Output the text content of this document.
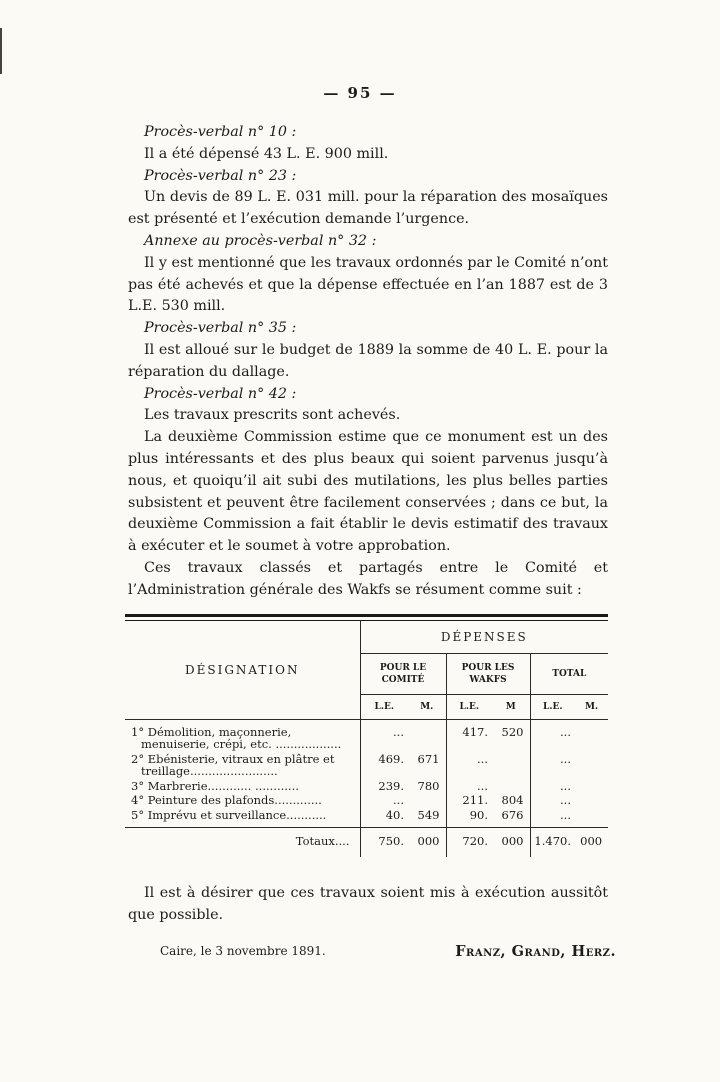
— 95 —

Procès-verbal n° 10 :

Il a été dépensé 43 L. E. 900 mill.

Procès-verbal n° 23 :

Un devis de 89 L. E. 031 mill. pour la réparation des mosaïques est présenté et l’exécution demande l’urgence.

Annexe au procès-verbal n° 32 :

Il y est mentionné que les travaux ordonnés par le Comité n’ont pas été achevés et que la dépense effectuée en l’an 1887 est de 3 L.E. 530 mill.

Procès-verbal n° 35 :

Il est alloué sur le budget de 1889 la somme de 40 L. E. pour la réparation du dallage.

Procès-verbal n° 42 :

Les travaux prescrits sont achevés.

La deuxième Commission estime que ce monument est un des plus intéressants et des plus beaux qui soient parvenus jusqu’à nous, et quoiqu’il ait subi des mutilations, les plus belles parties subsistent et peuvent être facilement conservées ; dans ce but, la deuxième Commission a fait établir le devis estimatif des travaux à exécuter et le soumet à votre approbation.

Ces travaux classés et partagés entre le Comité et l’Administration générale des Wakfs se résument comme suit :

DÉSIGNATION	DÉPENSES					
	POUR LE COMITÉ		POUR LES WAKFS		TOTAL	
	L.E.	M.	L.E.	M	L.E.	M.
1° Démolition, maçonnerie, menuiserie, crépi, etc. ..................	...		417.	520	...	
2° Ebénisterie, vitraux en plâtre et treillage........................	469.	671	...		...	
3° Marbrerie............ ............	239.	780	...		...	
4° Peinture des plafonds.............	...		211.	804	...	
5° Imprévu et surveillance...........	40.	549	90.	676	...	
Totaux....	750.	000	720.	000	1.470.	000

Il est à désirer que ces travaux soient mis à exécution aussitôt que possible.

Caire, le 3 novembre 1891.	Franz, Grand, Herz.
